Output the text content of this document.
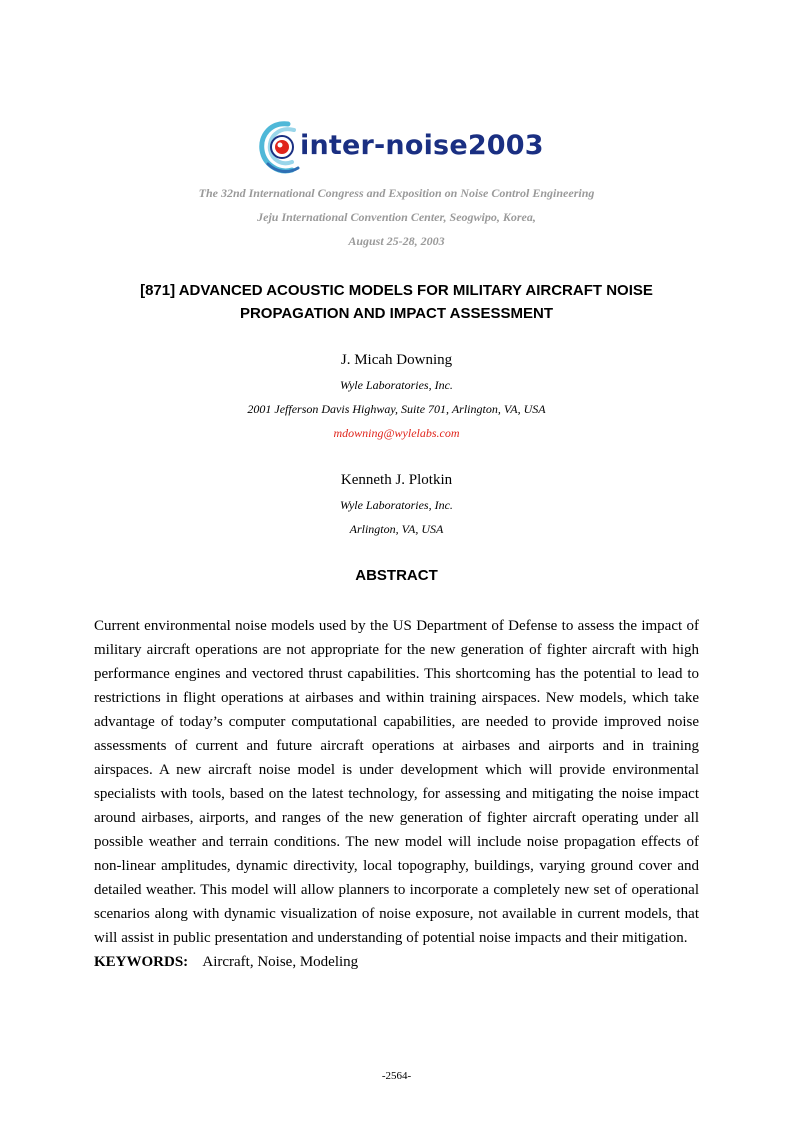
inter-noise2003
The 32nd International Congress and Exposition on Noise Control Engineering
Jeju International Convention Center, Seogwipo, Korea,
August 25-28, 2003
[871] ADVANCED ACOUSTIC MODELS FOR MILITARY AIRCRAFT NOISE
PROPAGATION AND IMPACT ASSESSMENT
J. Micah Downing
Wyle Laboratories, Inc.
2001 Jefferson Davis Highway, Suite 701, Arlington, VA, USA
mdowning@wylelabs.com
Kenneth J. Plotkin
Wyle Laboratories, Inc.
Arlington, VA, USA
ABSTRACT

Current environmental noise models used by the US Department of Defense to assess the impact of military aircraft operations are not appropriate for the new generation of fighter aircraft with high performance engines and vectored thrust capabilities. This shortcoming has the potential to lead to restrictions in flight operations at airbases and within training airspaces. New models, which take advantage of today’s computer computational capabilities, are needed to provide improved noise assessments of current and future aircraft operations at airbases and airports and in training airspaces. A new aircraft noise model is under development which will provide environmental specialists with tools, based on the latest technology, for assessing and mitigating the noise impact around airbases, airports, and ranges of the new generation of fighter aircraft operating under all possible weather and terrain conditions. The new model will include noise propagation effects of non-linear amplitudes, dynamic directivity, local topography, buildings, varying ground cover and detailed weather. This model will allow planners to incorporate a completely new set of operational scenarios along with dynamic visualization of noise exposure, not available in current models, that will assist in public presentation and understanding of potential noise impacts and their mitigation.    KEYWORDS: Aircraft, Noise, Modeling

-2564-
